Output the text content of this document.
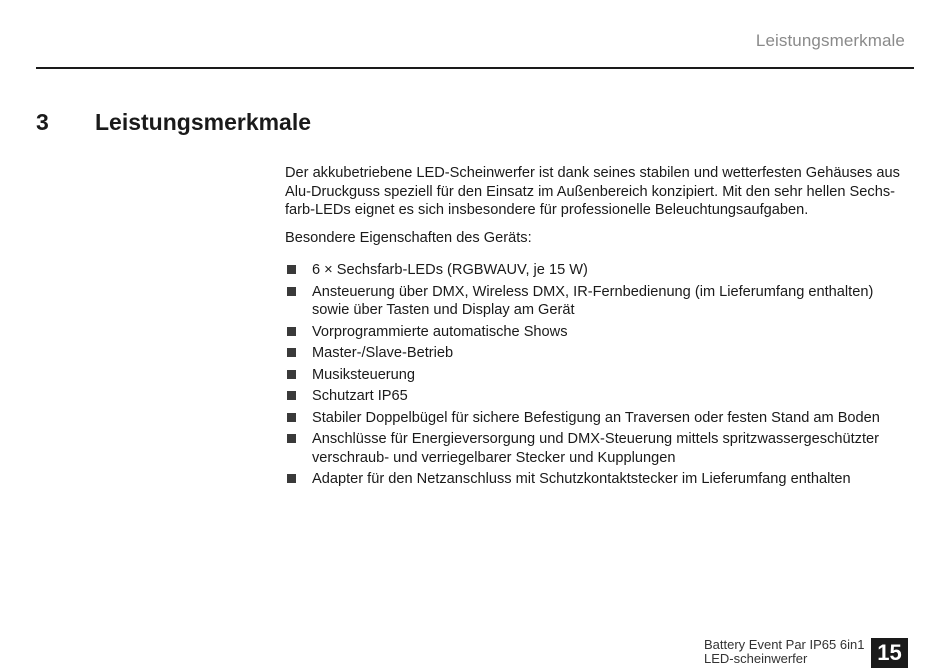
Leistungsmerkmale
3 Leistungsmerkmale

Der akkubetriebene LED-Scheinwerfer ist dank seines stabilen und wetterfesten Gehäuses aus Alu-Druckguss speziell für den Einsatz im Außenbereich konzipiert. Mit den sehr hellen Sechsfarb-LEDs eignet es sich insbesondere für professionelle Beleuchtungsaufgaben.

Besondere Eigenschaften des Geräts:

6 × Sechsfarb-LEDs (RGBWAUV, je 15 W)
Ansteuerung über DMX, Wireless DMX, IR-Fernbedienung (im Lieferumfang enthalten) sowie über Tasten und Display am Gerät
Vorprogrammierte automatische Shows
Master-/Slave-Betrieb
Musiksteuerung
Schutzart IP65
Stabiler Doppelbügel für sichere Befestigung an Traversen oder festen Stand am Boden
Anschlüsse für Energieversorgung und DMX-Steuerung mittels spritzwassergeschützter verschraub- und verriegelbarer Stecker und Kupplungen
Adapter für den Netzanschluss mit Schutzkontaktstecker im Lieferumfang enthalten
Battery Event Par IP65 6in1
LED-scheinwerfer	15
